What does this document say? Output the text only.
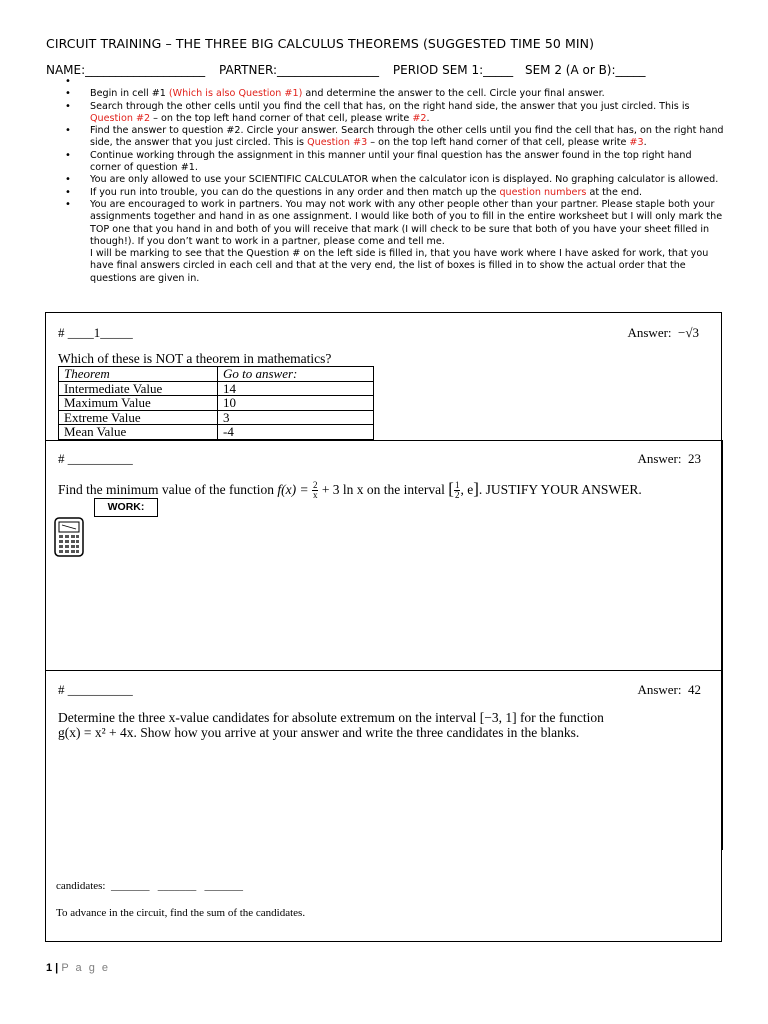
CIRCUIT TRAINING – THE THREE BIG CALCULUS THEOREMS (SUGGESTED TIME 50 MIN)
NAME:____________________ PARTNER:_________________ PERIOD SEM 1:_____ SEM 2 (A or B):_____
•
• Begin in cell #1 (Which is also Question #1) and determine the answer to the cell. Circle your final answer.
• Search through the other cells until you find the cell that has, on the right hand side, the answer that you just circled. This is Question #2 – on the top left hand corner of that cell, please write #2.
• Find the answer to question #2. Circle your answer. Search through the other cells until you find the cell that has, on the right hand side, the answer that you just circled. This is Question #3 – on the top left hand corner of that cell, please write #3.
• Continue working through the assignment in this manner until your final question has the answer found in the top right hand corner of question #1.
• You are only allowed to use your SCIENTIFIC CALCULATOR when the calculator icon is displayed. No graphing calculator is allowed.
• If you run into trouble, you can do the questions in any order and then match up the question numbers at the end.
• You are encouraged to work in partners. You may not work with any other people other than your partner. Please staple both your assignments together and hand in as one assignment. I would like both of you to fill in the entire worksheet but I will only mark the TOP one that you hand in and both of you will receive that mark (I will check to be sure that both of you have your sheet filled in though!). If you don’t want to work in a partner, please come and tell me.
I will be marking to see that the Question # on the left side is filled in, that you have work where I have asked for work, that you have final answers circled in each cell and that at the very end, the list of boxes is filled in to show the actual order that the questions are given in.
# ____1_____	Answer: −√3
Which of these is NOT a theorem in mathematics?
Theorem	Go to answer:
Intermediate Value	14
Maximum Value	10
Extreme Value	3
Mean Value	-4
# __________	Answer: 23
Find the minimum value of the function $f(x) = \frac{2}{x} + 3$ ln x on the interval [ $\frac{1}{2}$ , e]. JUSTIFY YOUR ANSWER.
WORK:
# __________	Answer: 42
Determine the three x-value candidates for absolute extremum on the interval [−3, 1] for the function
g(x) = x² + 4x. Show how you arrive at your answer and write the three candidates in the blanks.
candidates:  _______   _______   _______
To advance in the circuit, find the sum of the candidates.
1 | P a g e
